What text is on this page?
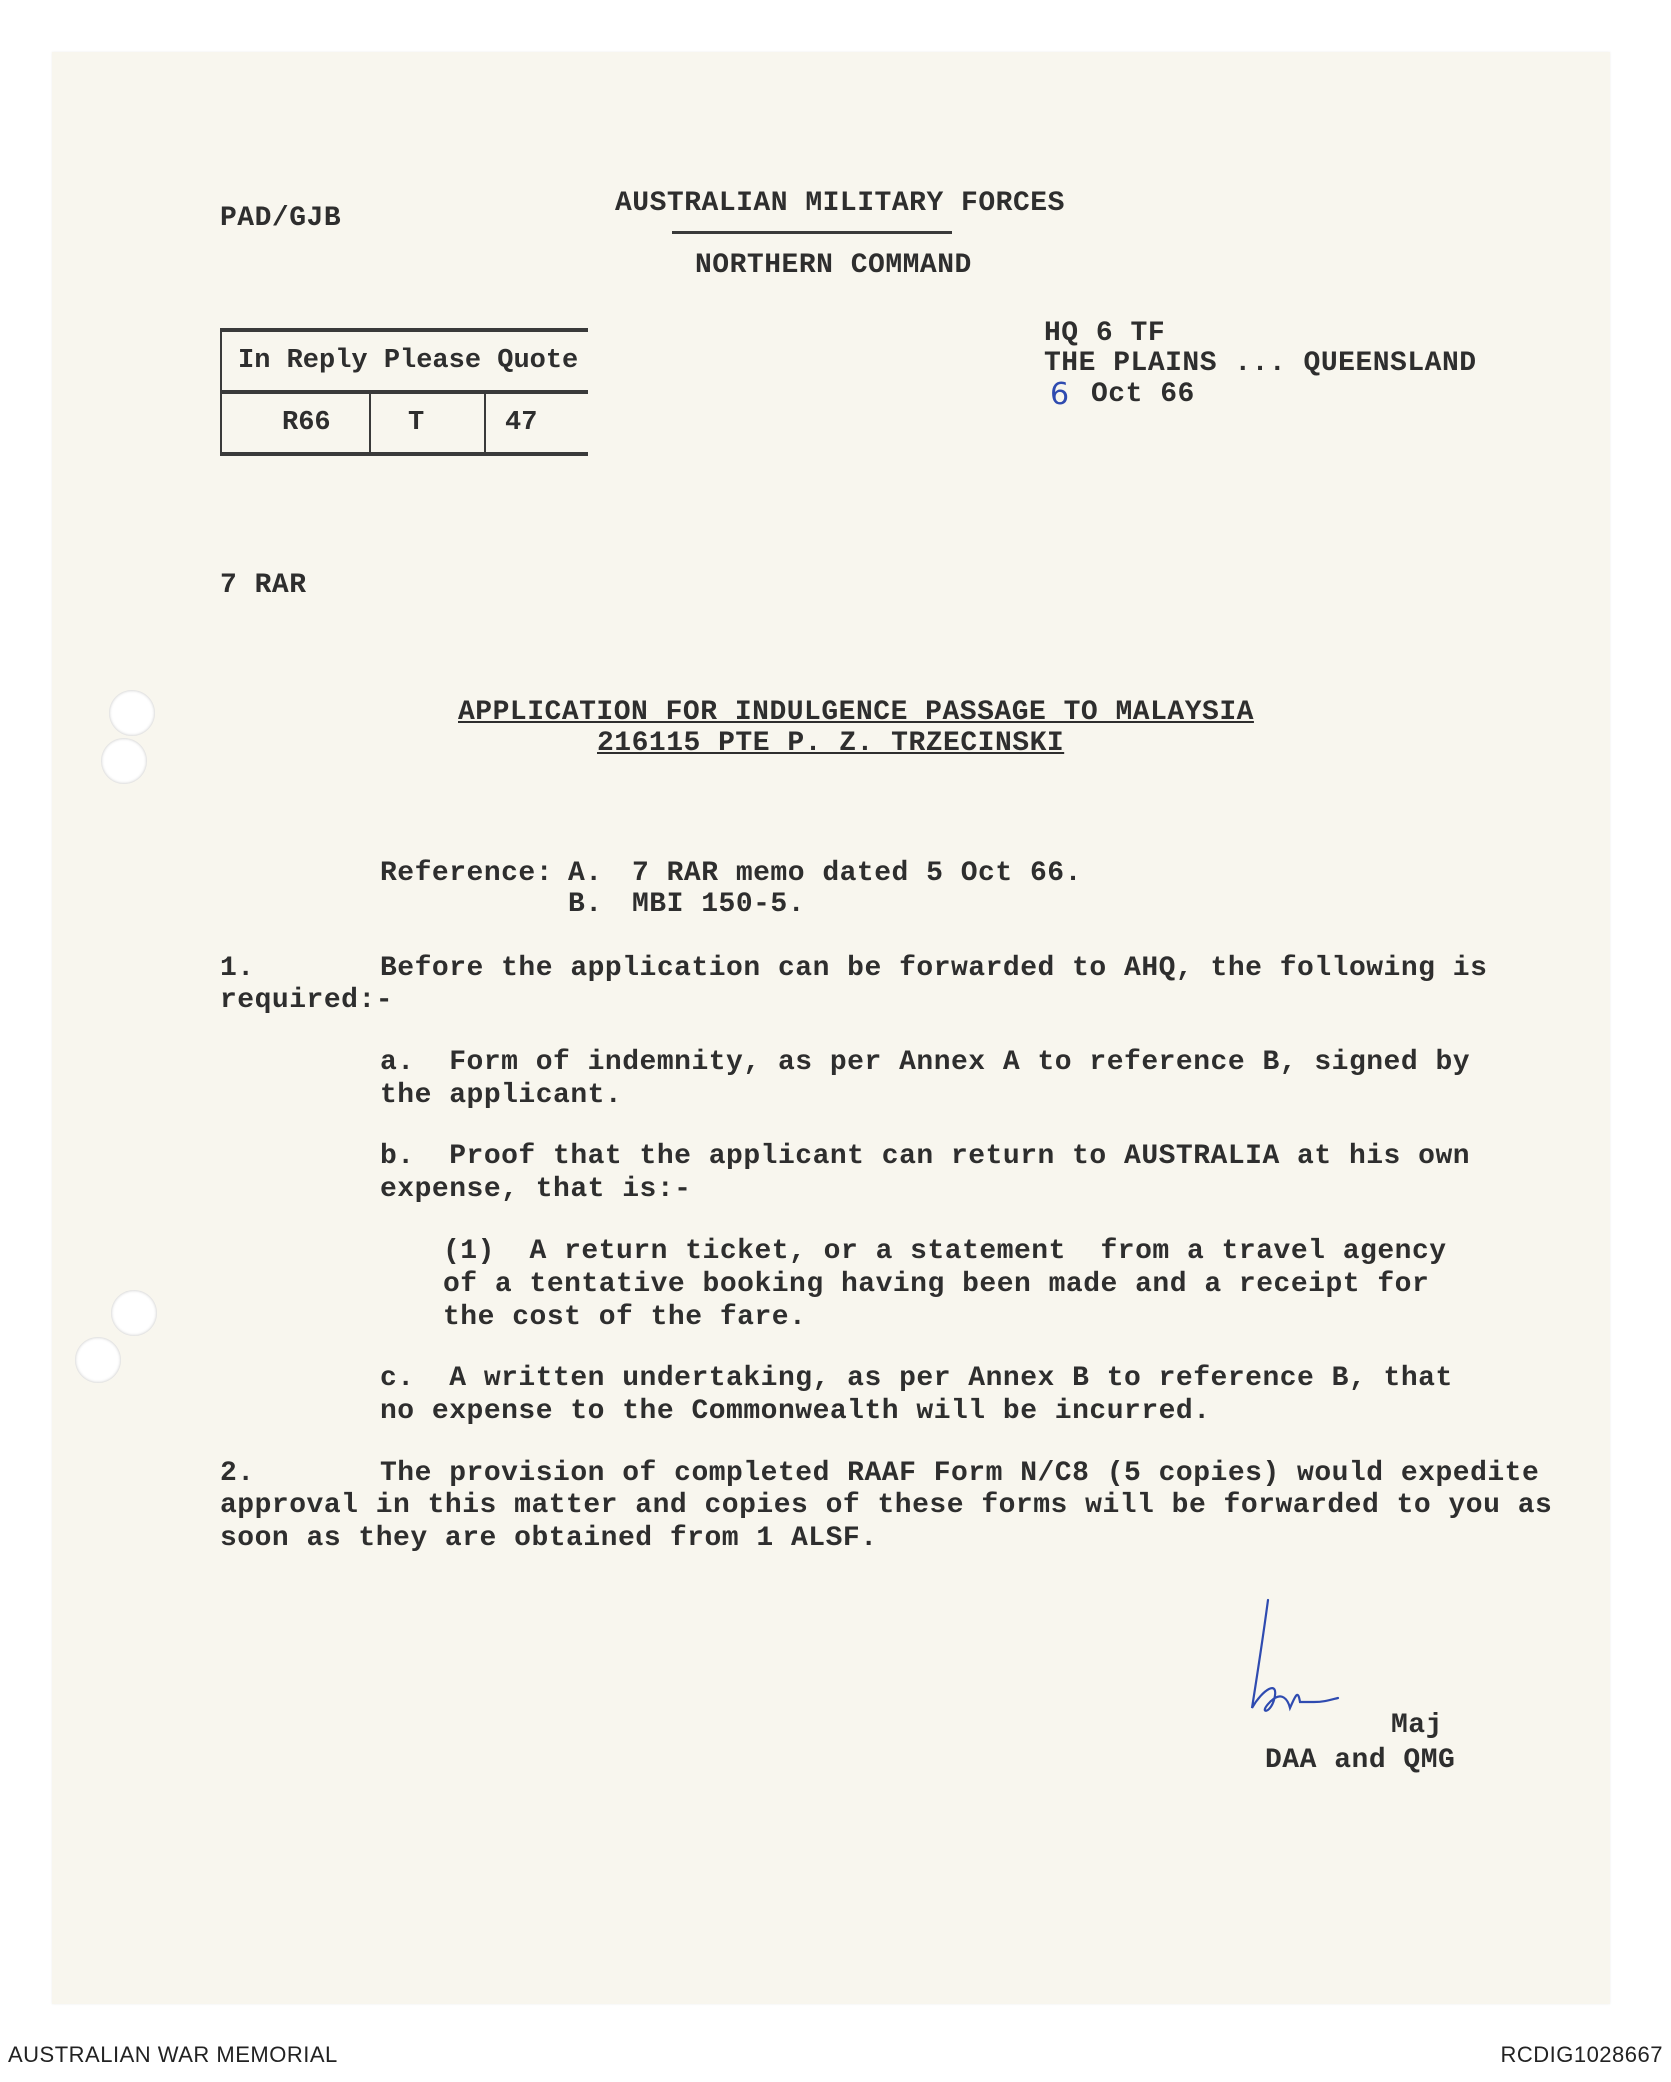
PAD/GJB	AUSTRALIAN MILITARY FORCES
NORTHERN COMMAND
In Reply Please Quote
R66	T	47
HQ 6 TF
THE PLAINS ... QUEENSLAND
6 Oct 66
7 RAR
APPLICATION FOR INDULGENCE PASSAGE TO MALAYSIA
216115 PTE P. Z. TRZECINSKI
Reference: A. 7 RAR memo dated 5 Oct 66.
B. MBI 150-5.
1.	Before the application can be forwarded to AHQ, the following is
required:-
a.  Form of indemnity, as per Annex A to reference B, signed by
the applicant.
b.  Proof that the applicant can return to AUSTRALIA at his own
expense, that is:-
(1)  A return ticket, or a statement  from a travel agency
of a tentative booking having been made and a receipt for
the cost of the fare.
c.  A written undertaking, as per Annex B to reference B, that
no expense to the Commonwealth will be incurred.
2.	The provision of completed RAAF Form N/C8 (5 copies) would expedite
approval in this matter and copies of these forms will be forwarded to you as
soon as they are obtained from 1 ALSF.
Maj
DAA and QMG
AUSTRALIAN WAR MEMORIAL	RCDIG1028667
